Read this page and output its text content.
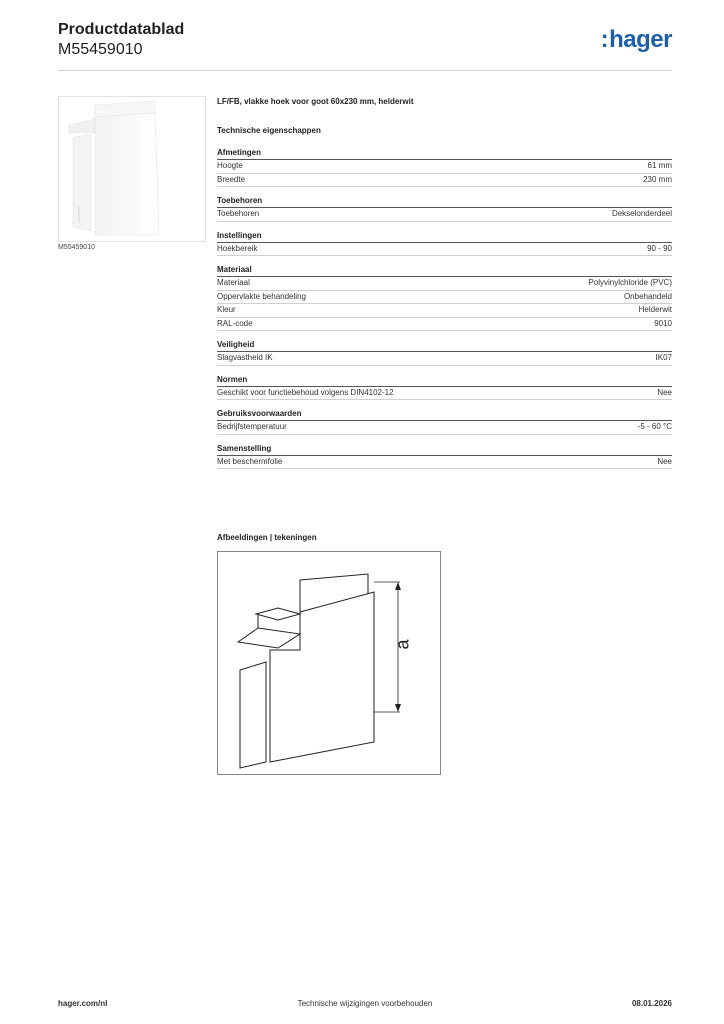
Productdatablad
M55459010	:hager
M55459010
LF/FB, vlakke hoek voor goot 60x230 mm, helderwit
Technische eigenschappen
Afmetingen
Hoogte	61 mm
Breedte	230 mm
Toebehoren
Toebehoren	Dekselonderdeel
Instellingen
Hoekbereik	90 - 90
Materiaal
Materiaal	Polyvinylchloride (PVC)
Oppervlakte behandeling	Onbehandeld
Kleur	Helderwit
RAL-code	9010
Veiligheid
Slagvastheid IK	IK07
Normen
Geschikt voor functiebehoud volgens DIN4102-12	Nee
Gebruiksvoorwaarden
Bedrijfstemperatuur	-5 - 60 °C
Samenstelling
Met beschermfolie	Nee
Afbeeldingen | tekeningen
a
hager.com/nl	Technische wijzigingen voorbehouden	08.01.2026
